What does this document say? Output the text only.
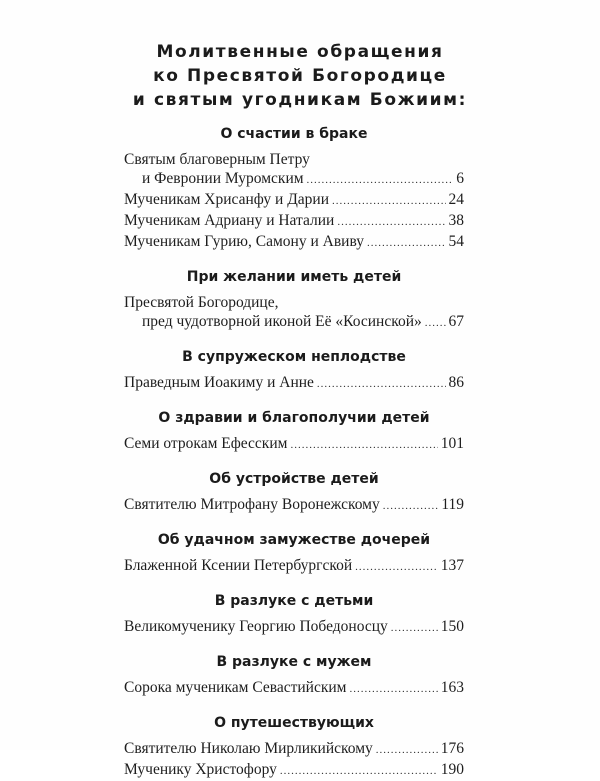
Молитвенные обращения
ко Пресвятой Богородице
и святым угодникам Божиим:
О счастии в браке
Святым благоверным Петру
и Февронии Муромским .....	6
Мученикам Хрисанфу и Дарии .....	24
Мученикам Адриану и Наталии .....	38
Мученикам Гурию, Самону и Авиву .....	54
При желании иметь детей
Пресвятой Богородице,
пред чудотворной иконой Её «Косинской» ..... 67
В супружеском неплодстве
Праведным Иоакиму и Анне .....	86
О здравии и благополучии детей
Семи отрокам Ефесским .....	101
Об устройстве детей
Святителю Митрофану Воронежскому .....	119
Об удачном замужестве дочерей
Блаженной Ксении Петербургской .....	137
В разлуке с детьми
Великомученику Георгию Победоносцу .....	150
В разлуке с мужем
Сорока мученикам Севастийским .....	163
О путешествующих
Святителю Николаю Мирликийскому .....	176
Мученику Христофору .....	190
